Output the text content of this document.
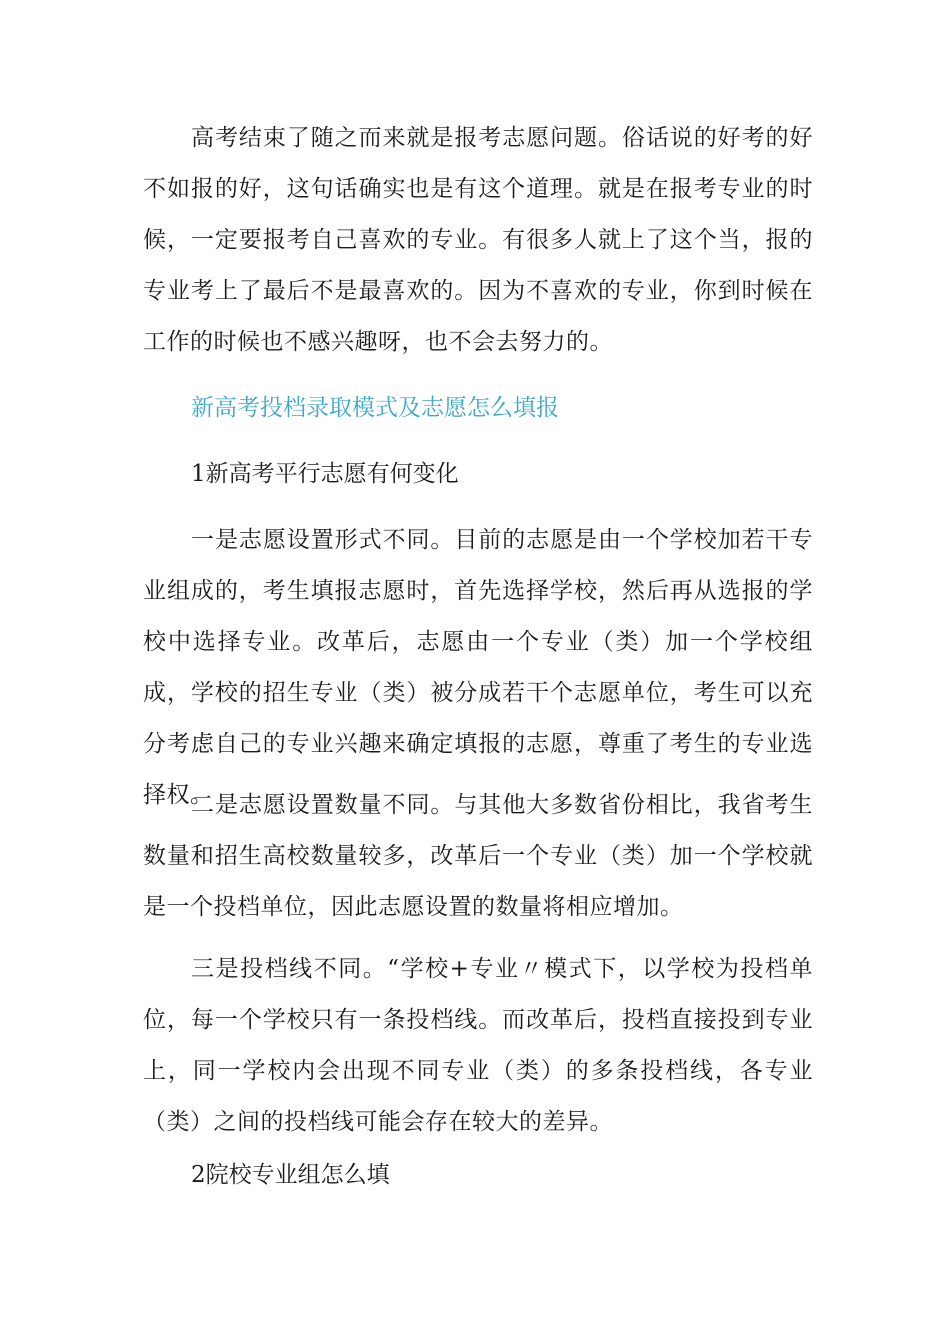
高考结束了随之而来就是报考志愿问题。俗话说的好考的好不如报的好，这句话确实也是有这个道理。就是在报考专业的时候，一定要报考自己喜欢的专业。有很多人就上了这个当，报的专业考上了最后不是最喜欢的。因为不喜欢的专业，你到时候在工作的时候也不感兴趣呀，也不会去努力的。

新高考投档录取模式及志愿怎么填报

1新高考平行志愿有何变化

一是志愿设置形式不同。目前的志愿是由一个学校加若干专业组成的，考生填报志愿时，首先选择学校，然后再从选报的学校中选择专业。改革后，志愿由一个专业（类）加一个学校组成，学校的招生专业（类）被分成若干个志愿单位，考生可以充分考虑自己的专业兴趣来确定填报的志愿，尊重了考生的专业选择权。

二是志愿设置数量不同。与其他大多数省份相比，我省考生数量和招生高校数量较多，改革后一个专业（类）加一个学校就是一个投档单位，因此志愿设置的数量将相应增加。

三是投档线不同。“学校+专业〃模式下，以学校为投档单位，每一个学校只有一条投档线。而改革后，投档直接投到专业上，同一学校内会出现不同专业（类）的多条投档线，各专业（类）之间的投档线可能会存在较大的差异。

2院校专业组怎么填
